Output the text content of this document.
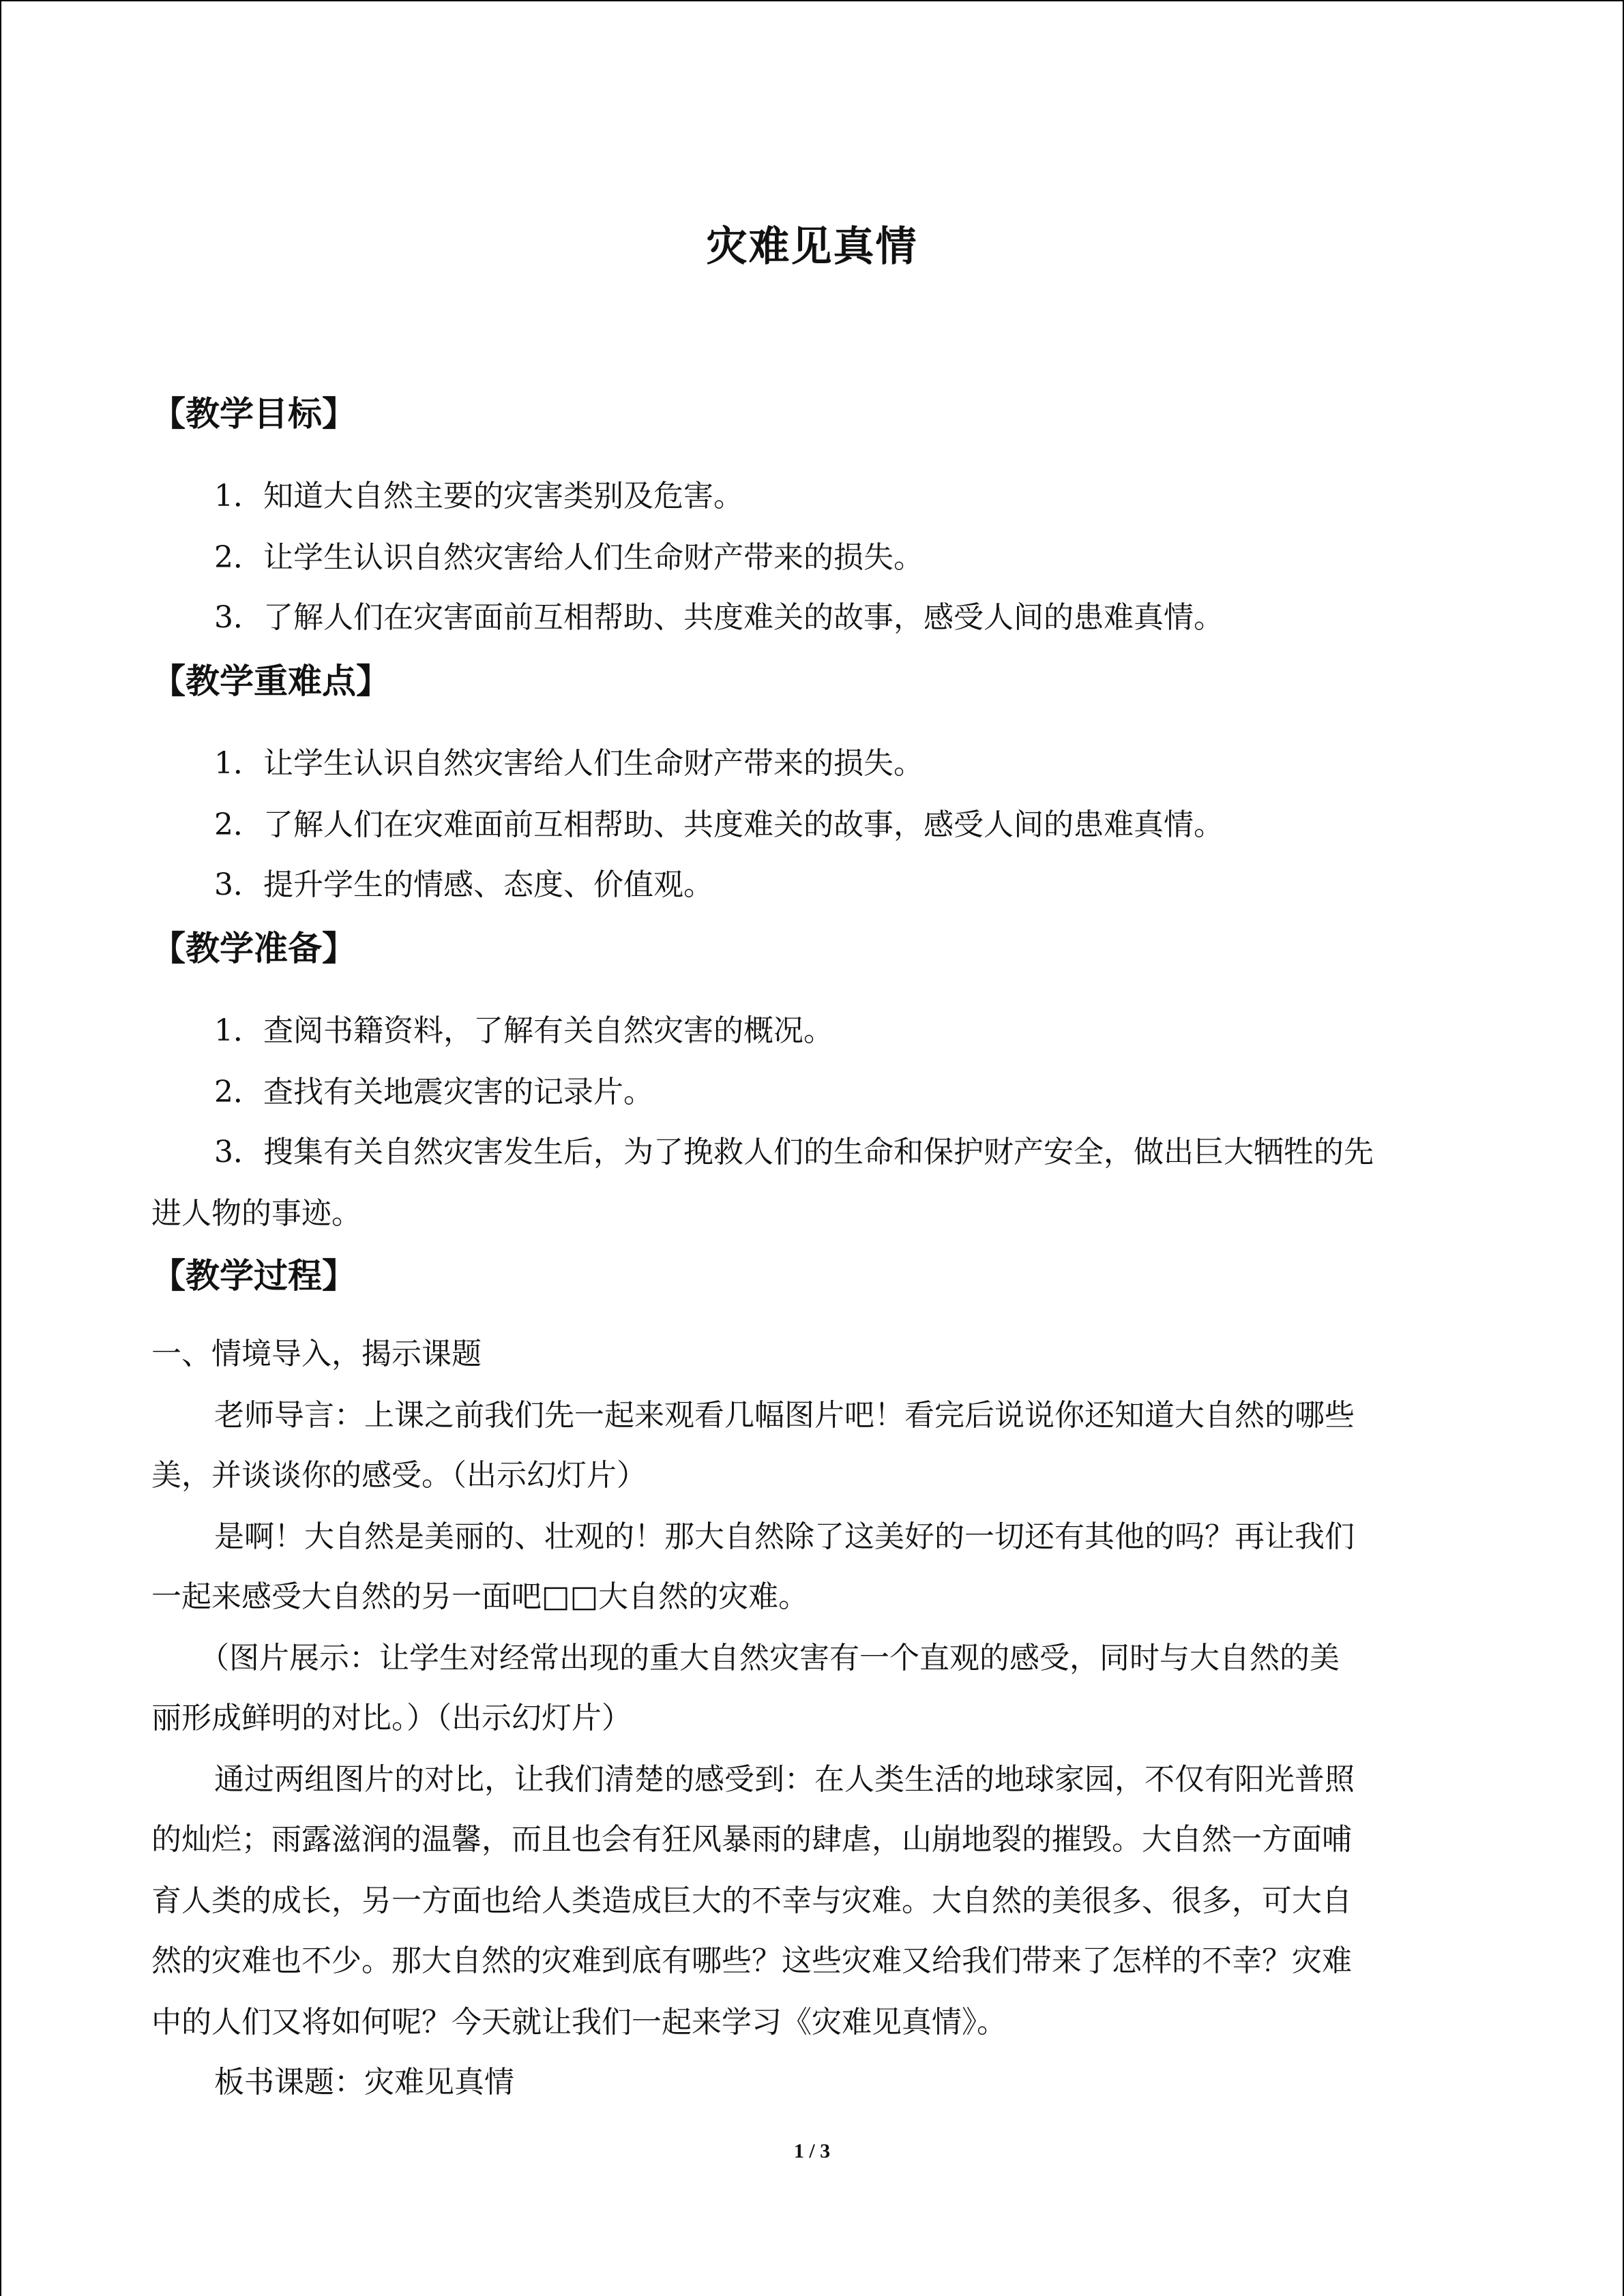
灾难见真情
【教学目标】
1．知道大自然主要的灾害类别及危害。
2．让学生认识自然灾害给人们生命财产带来的损失。
3．了解人们在灾害面前互相帮助、共度难关的故事，感受人间的患难真情。
【教学重难点】
1．让学生认识自然灾害给人们生命财产带来的损失。
2．了解人们在灾难面前互相帮助、共度难关的故事，感受人间的患难真情。
3．提升学生的情感、态度、价值观。
【教学准备】
1．查阅书籍资料，了解有关自然灾害的概况。
2．查找有关地震灾害的记录片。
3．搜集有关自然灾害发生后，为了挽救人们的生命和保护财产安全，做出巨大牺牲的先
进人物的事迹。
【教学过程】
一、情境导入，揭示课题
老师导言：上课之前我们先一起来观看几幅图片吧！看完后说说你还知道大自然的哪些
美，并谈谈你的感受。（出示幻灯片）
是啊！大自然是美丽的、壮观的！那大自然除了这美好的一切还有其他的吗？再让我们
一起来感受大自然的另一面吧□□大自然的灾难。
（图片展示：让学生对经常出现的重大自然灾害有一个直观的感受，同时与大自然的美
丽形成鲜明的对比。）（出示幻灯片）
通过两组图片的对比，让我们清楚的感受到：在人类生活的地球家园，不仅有阳光普照
的灿烂；雨露滋润的温馨，而且也会有狂风暴雨的肆虐，山崩地裂的摧毁。大自然一方面哺
育人类的成长，另一方面也给人类造成巨大的不幸与灾难。大自然的美很多、很多，可大自
然的灾难也不少。那大自然的灾难到底有哪些？这些灾难又给我们带来了怎样的不幸？灾难
中的人们又将如何呢？今天就让我们一起来学习《灾难见真情》。
板书课题：灾难见真情
1 / 3
